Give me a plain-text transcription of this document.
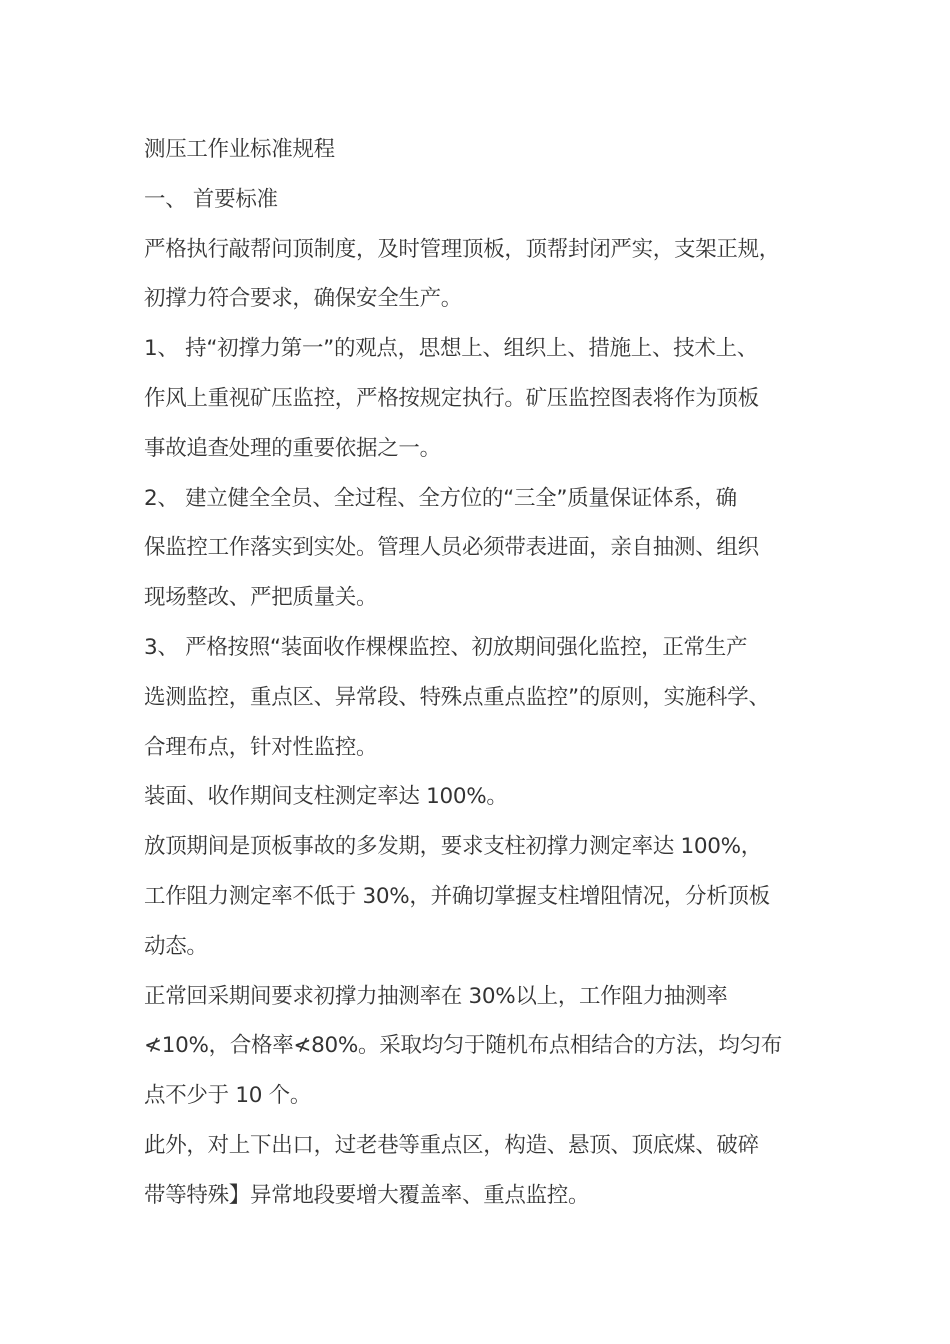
测压工作业标准规程
一、 首要标准
严格执行敲帮问顶制度，及时管理顶板，顶帮封闭严实，支架正规，
初撑力符合要求，确保安全生产。
1、 持“初撑力第一”的观点，思想上、组织上、措施上、技术上、
作风上重视矿压监控，严格按规定执行。矿压监控图表将作为顶板
事故追查处理的重要依据之一。
2、 建立健全全员、全过程、全方位的“三全”质量保证体系，确
保监控工作落实到实处。管理人员必须带表进面，亲自抽测、组织
现场整改、严把质量关。
3、 严格按照“装面收作棵棵监控、初放期间强化监控，正常生产
选测监控，重点区、异常段、特殊点重点监控”的原则，实施科学、
合理布点，针对性监控。
装面、收作期间支柱测定率达 100%。
放顶期间是顶板事故的多发期，要求支柱初撑力测定率达 100%，
工作阻力测定率不低于 30%，并确切掌握支柱增阻情况，分析顶板
动态。
正常回采期间要求初撑力抽测率在 30%以上，工作阻力抽测率
≮10%，合格率≮80%。采取均匀于随机布点相结合的方法，均匀布
点不少于 10 个。
此外，对上下出口，过老巷等重点区，构造、悬顶、顶底煤、破碎
带等特殊】异常地段要增大覆盖率、重点监控。
